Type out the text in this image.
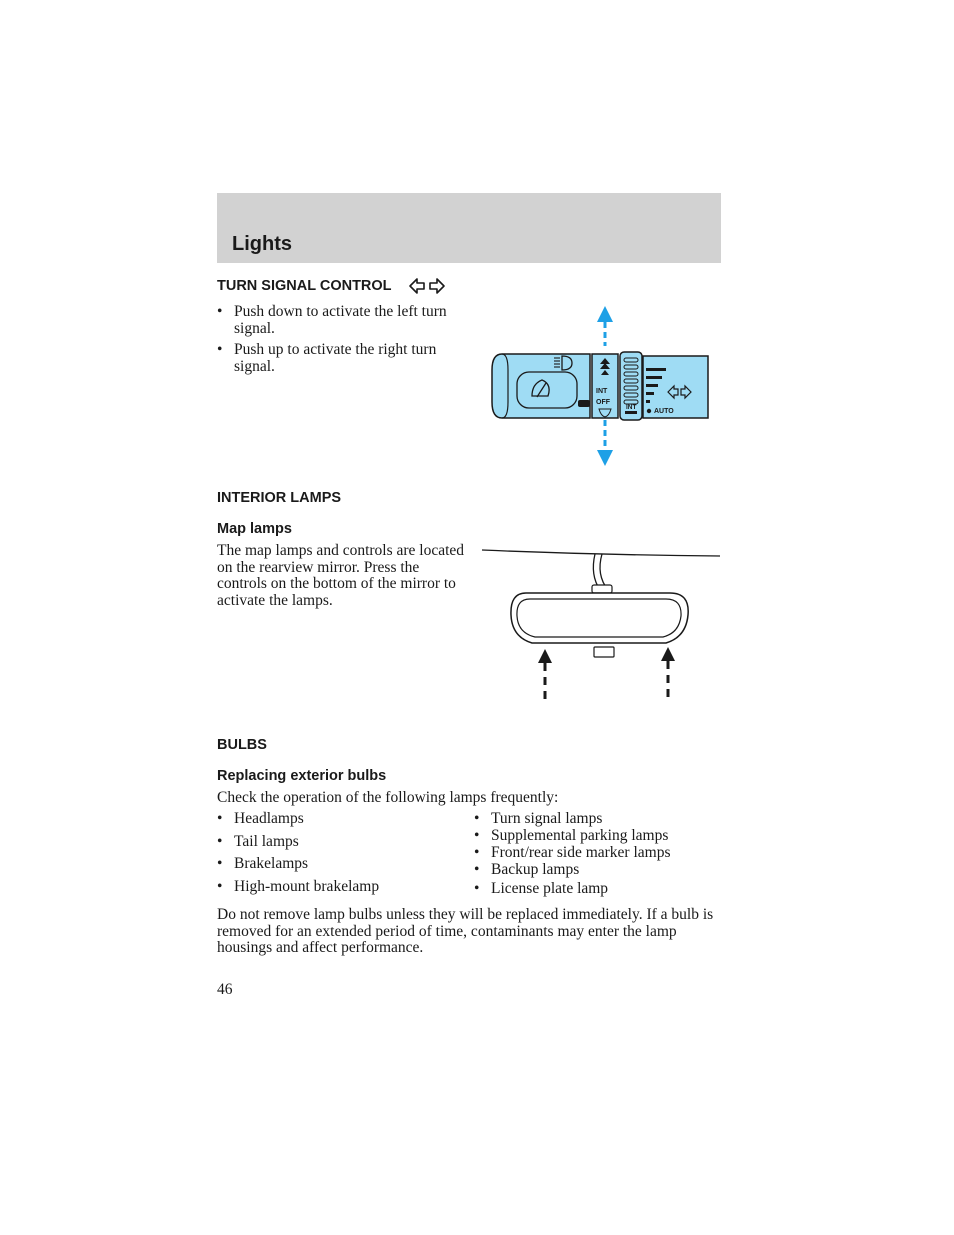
Lights
TURN SIGNAL CONTROL
• Push down to activate the left turn signal.
• Push up to activate the right turn signal.
INT
OFF
INT
AUTO
INTERIOR LAMPS
Map lamps
The map lamps and controls are located on the rearview mirror. Press the controls on the bottom of the mirror to activate the lamps.
BULBS
Replacing exterior bulbs
Check the operation of the following lamps frequently:
• Headlamps
• Tail lamps
• Brakelamps
• High-mount brakelamp
• Turn signal lamps
• Supplemental parking lamps
• Front/rear side marker lamps
• Backup lamps
• License plate lamp
Do not remove lamp bulbs unless they will be replaced immediately. If a bulb is removed for an extended period of time, contaminants may enter the lamp housings and affect performance.
46
